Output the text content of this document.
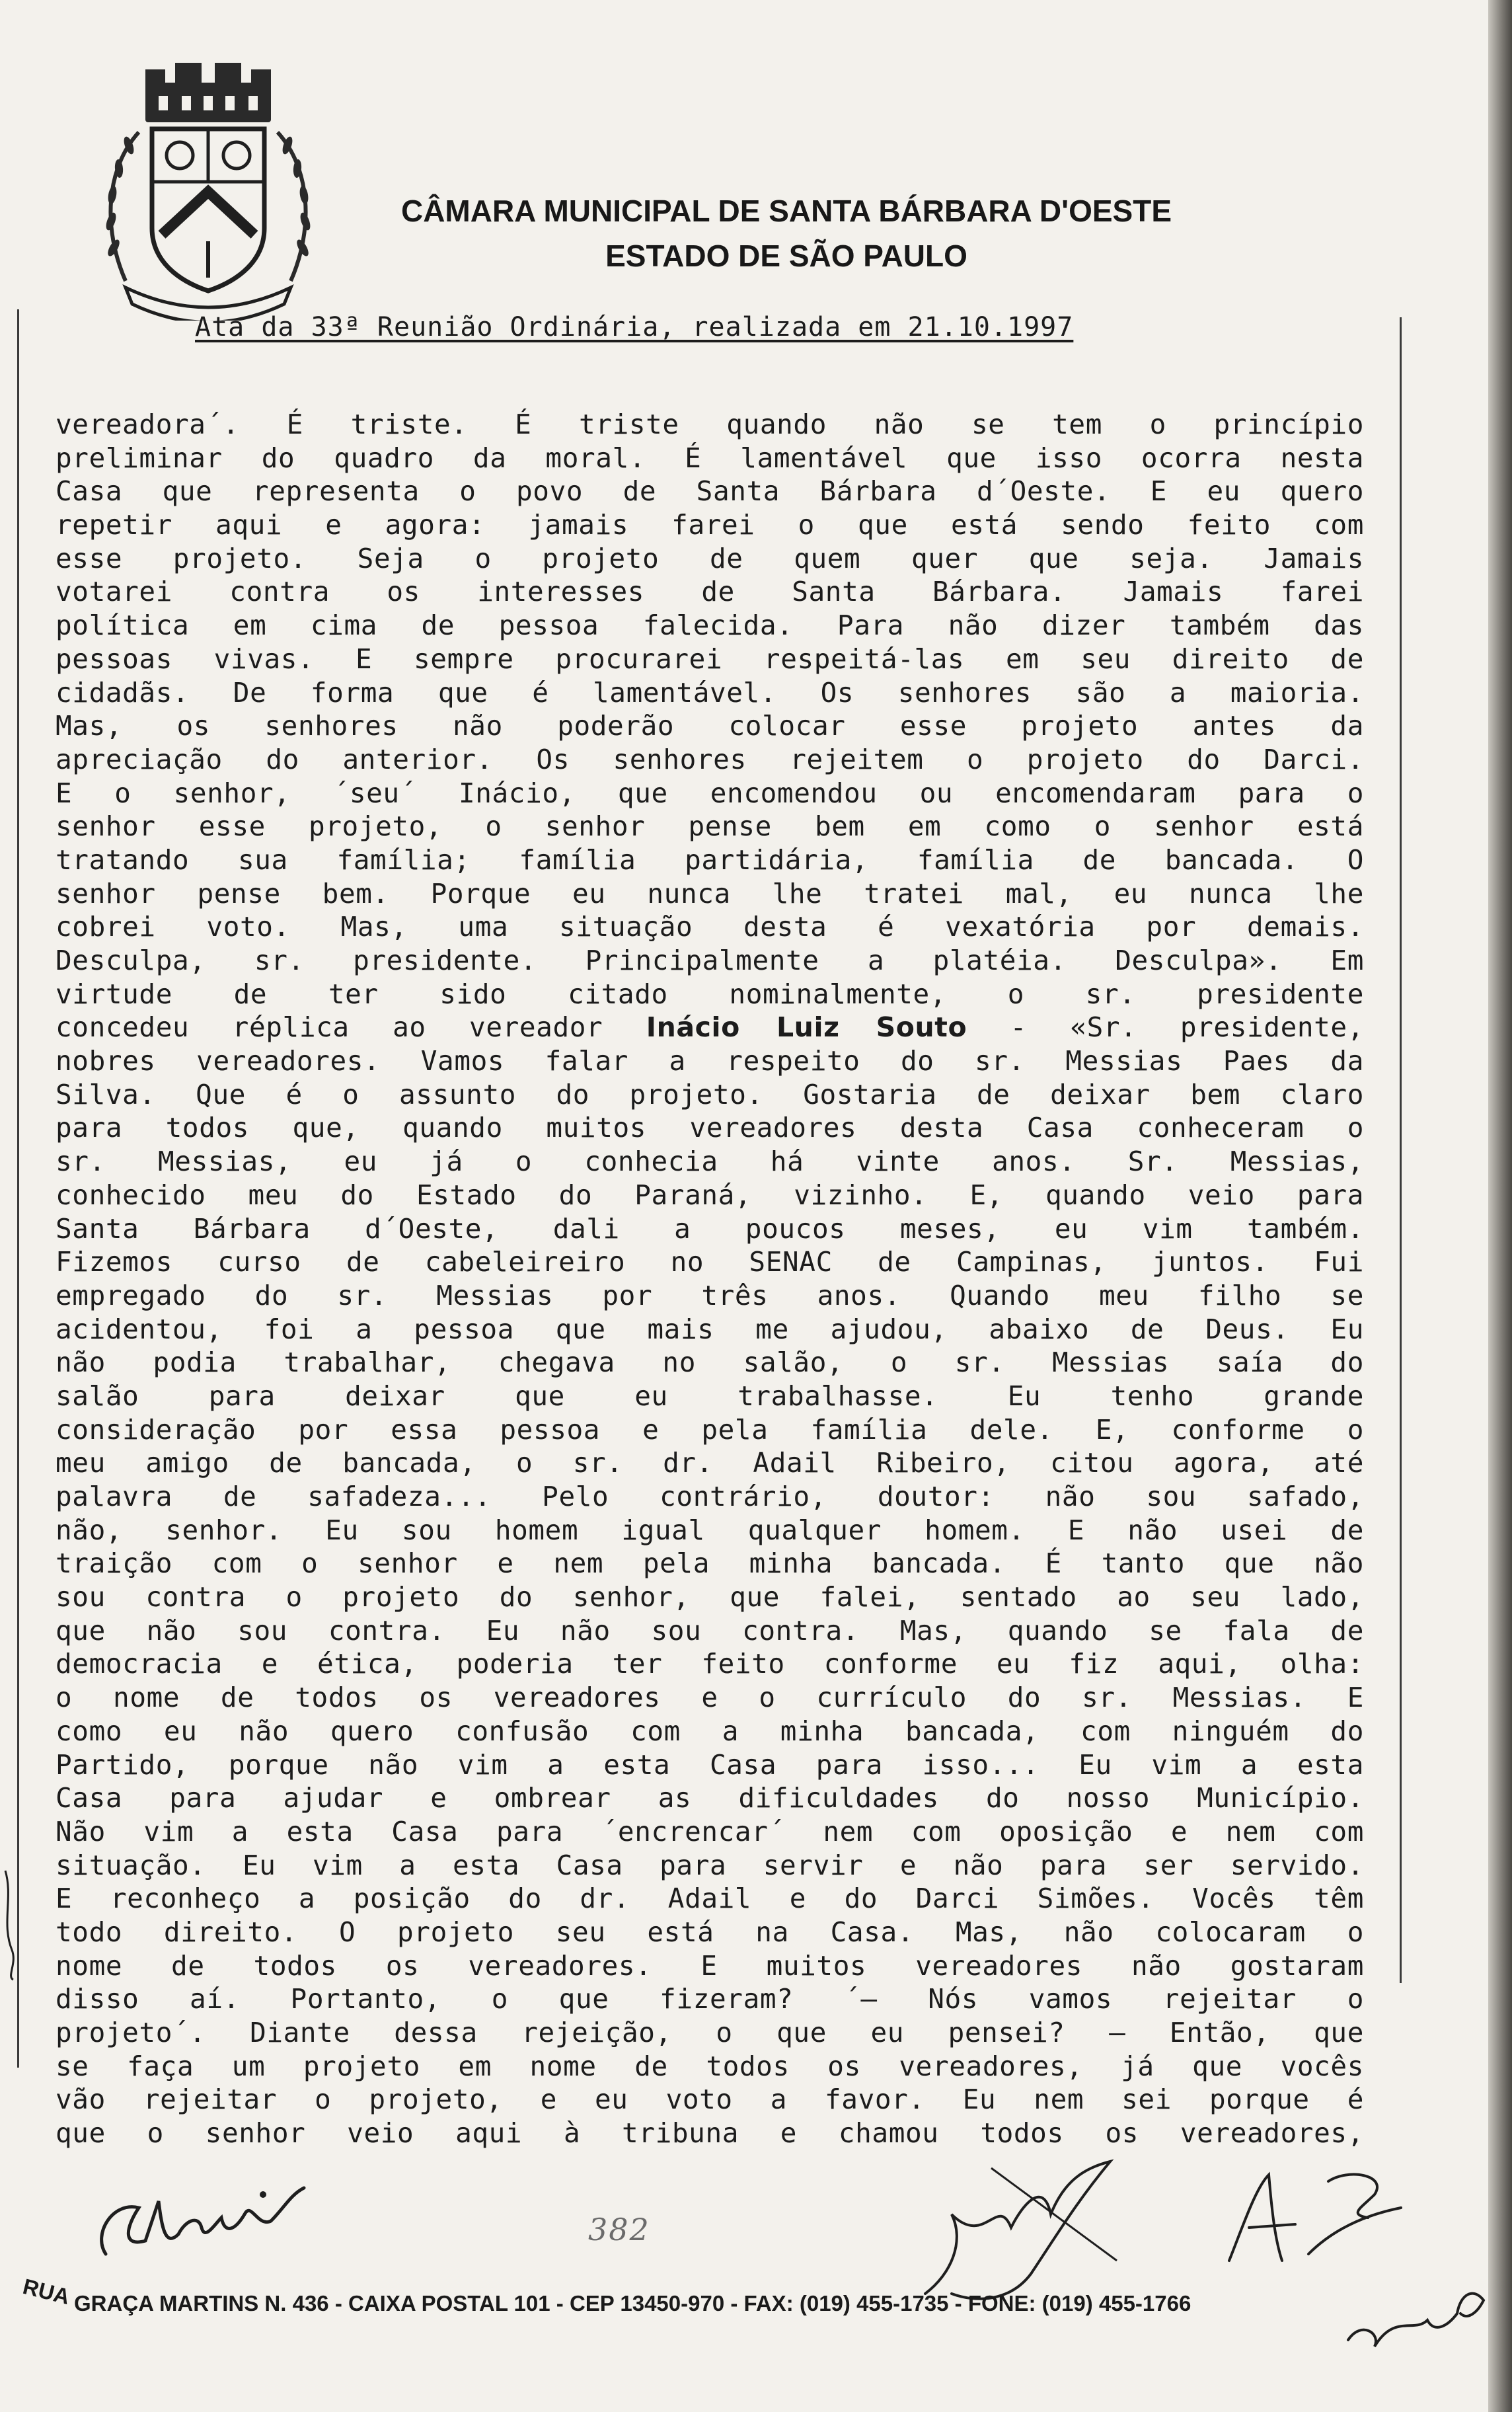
CÂMARA MUNICIPAL DE SANTA BÁRBARA D'OESTE
ESTADO DE SÃO PAULO
Ata da 33ª Reunião Ordinária, realizada em 21.10.1997
vereadora´. É triste. É triste quando não se tem o princípio
preliminar do quadro da moral. É lamentável que isso ocorra nesta
Casa que representa o povo de Santa Bárbara d´Oeste. E eu quero
repetir aqui e agora: jamais farei o que está sendo feito com
esse projeto. Seja o projeto de quem quer que seja. Jamais
votarei contra os interesses de Santa Bárbara. Jamais farei
política em cima de pessoa falecida. Para não dizer também das
pessoas vivas. E sempre procurarei respeitá-las em seu direito de
cidadãs. De forma que é lamentável. Os senhores são a maioria.
Mas, os senhores não poderão colocar esse projeto antes da
apreciação do anterior. Os senhores rejeitem o projeto do Darci.
E o senhor, ´seu´ Inácio, que encomendou ou encomendaram para o
senhor esse projeto, o senhor pense bem em como o senhor está
tratando sua família; família partidária, família de bancada. O
senhor pense bem. Porque eu nunca lhe tratei mal, eu nunca lhe
cobrei voto. Mas, uma situação desta é vexatória por demais.
Desculpa, sr. presidente. Principalmente a platéia. Desculpa». Em
virtude de ter sido citado nominalmente, o sr. presidente
concedeu réplica ao vereador Inácio Luiz Souto - «Sr. presidente,
nobres vereadores. Vamos falar a respeito do sr. Messias Paes da
Silva. Que é o assunto do projeto. Gostaria de deixar bem claro
para todos que, quando muitos vereadores desta Casa conheceram o
sr. Messias, eu já o conhecia há vinte anos. Sr. Messias,
conhecido meu do Estado do Paraná, vizinho. E, quando veio para
Santa Bárbara d´Oeste, dali a poucos meses, eu vim também.
Fizemos curso de cabeleireiro no SENAC de Campinas, juntos. Fui
empregado do sr. Messias por três anos. Quando meu filho se
acidentou, foi a pessoa que mais me ajudou, abaixo de Deus. Eu
não podia trabalhar, chegava no salão, o sr. Messias saía do
salão para deixar que eu trabalhasse. Eu tenho grande
consideração por essa pessoa e pela família dele. E, conforme o
meu amigo de bancada, o sr. dr. Adail Ribeiro, citou agora, até
palavra de safadeza... Pelo contrário, doutor: não sou safado,
não, senhor. Eu sou homem igual qualquer homem. E não usei de
traição com o senhor e nem pela minha bancada. É tanto que não
sou contra o projeto do senhor, que falei, sentado ao seu lado,
que não sou contra. Eu não sou contra. Mas, quando se fala de
democracia e ética, poderia ter feito conforme eu fiz aqui, olha:
o nome de todos os vereadores e o currículo do sr. Messias. E
como eu não quero confusão com a minha bancada, com ninguém do
Partido, porque não vim a esta Casa para isso... Eu vim a esta
Casa para ajudar e ombrear as dificuldades do nosso Município.
Não vim a esta Casa para ´encrencar´ nem com oposição e nem com
situação. Eu vim a esta Casa para servir e não para ser servido.
E reconheço a posição do dr. Adail e do Darci Simões. Vocês têm
todo direito. O projeto seu está na Casa. Mas, não colocaram o
nome de todos os vereadores. E muitos vereadores não gostaram
disso aí. Portanto, o que fizeram? ´— Nós vamos rejeitar o
projeto´. Diante dessa rejeição, o que eu pensei? — Então, que
se faça um projeto em nome de todos os vereadores, já que vocês
vão rejeitar o projeto, e eu voto a favor. Eu nem sei porque é
que o senhor veio aqui à tribuna e chamou todos os vereadores,
382
RUA GRAÇA MARTINS N. 436 - CAIXA POSTAL 101 - CEP 13450-970 - FAX: (019) 455-1735 - FONE: (019) 455-1766
